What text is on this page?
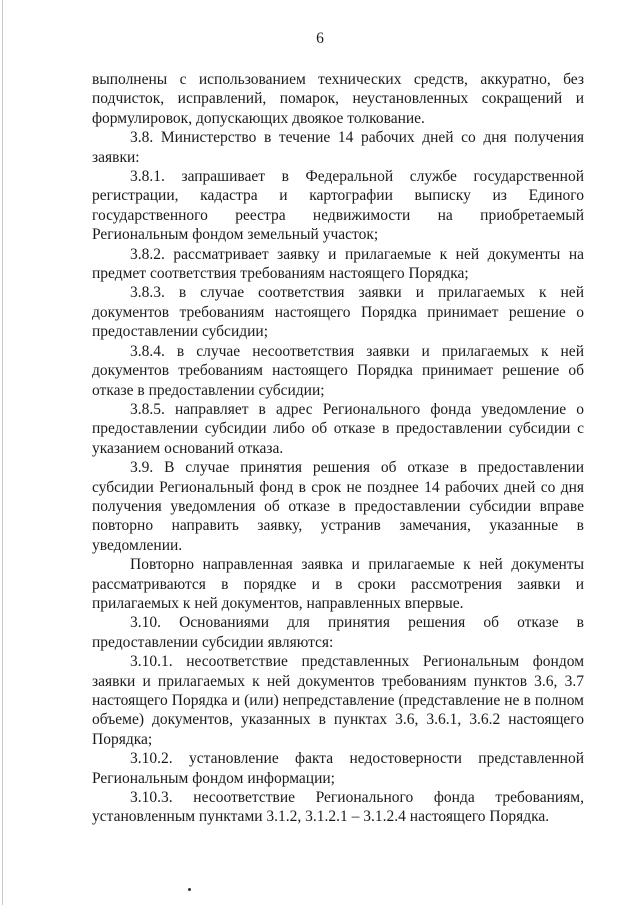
6

выполнены с использованием технических средств, аккуратно, без подчисток, исправлений, помарок, неустановленных сокращений и формулировок, допускающих двоякое толкование.

3.8. Министерство в течение 14 рабочих дней со дня получения заявки:

3.8.1. запрашивает в Федеральной службе государственной регистрации, кадастра и картографии выписку из Единого государственного реестра недвижимости на приобретаемый Региональным фондом земельный участок;

3.8.2. рассматривает заявку и прилагаемые к ней документы на предмет соответствия требованиям настоящего Порядка;

3.8.3. в случае соответствия заявки и прилагаемых к ней документов требованиям настоящего Порядка принимает решение о предоставлении субсидии;

3.8.4. в случае несоответствия заявки и прилагаемых к ней документов требованиям настоящего Порядка принимает решение об отказе в предоставлении субсидии;

3.8.5. направляет в адрес Регионального фонда уведомление о предоставлении субсидии либо об отказе в предоставлении субсидии с указанием оснований отказа.

3.9. В случае принятия решения об отказе в предоставлении субсидии Региональный фонд в срок не позднее 14 рабочих дней со дня получения уведомления об отказе в предоставлении субсидии вправе повторно направить заявку, устранив замечания, указанные в уведомлении.

Повторно направленная заявка и прилагаемые к ней документы рассматриваются в порядке и в сроки рассмотрения заявки и прилагаемых к ней документов, направленных впервые.

3.10. Основаниями для принятия решения об отказе в предоставлении субсидии являются:

3.10.1. несоответствие представленных Региональным фондом заявки и прилагаемых к ней документов требованиям пунктов 3.6, 3.7 настоящего Порядка и (или) непредставление (представление не в полном объеме) документов, указанных в пунктах 3.6, 3.6.1, 3.6.2 настоящего Порядка;

3.10.2. установление факта недостоверности представленной Региональным фондом информации;

3.10.3. несоответствие Регионального фонда требованиям, установленным пунктами 3.1.2, 3.1.2.1 – 3.1.2.4 настоящего Порядка.
